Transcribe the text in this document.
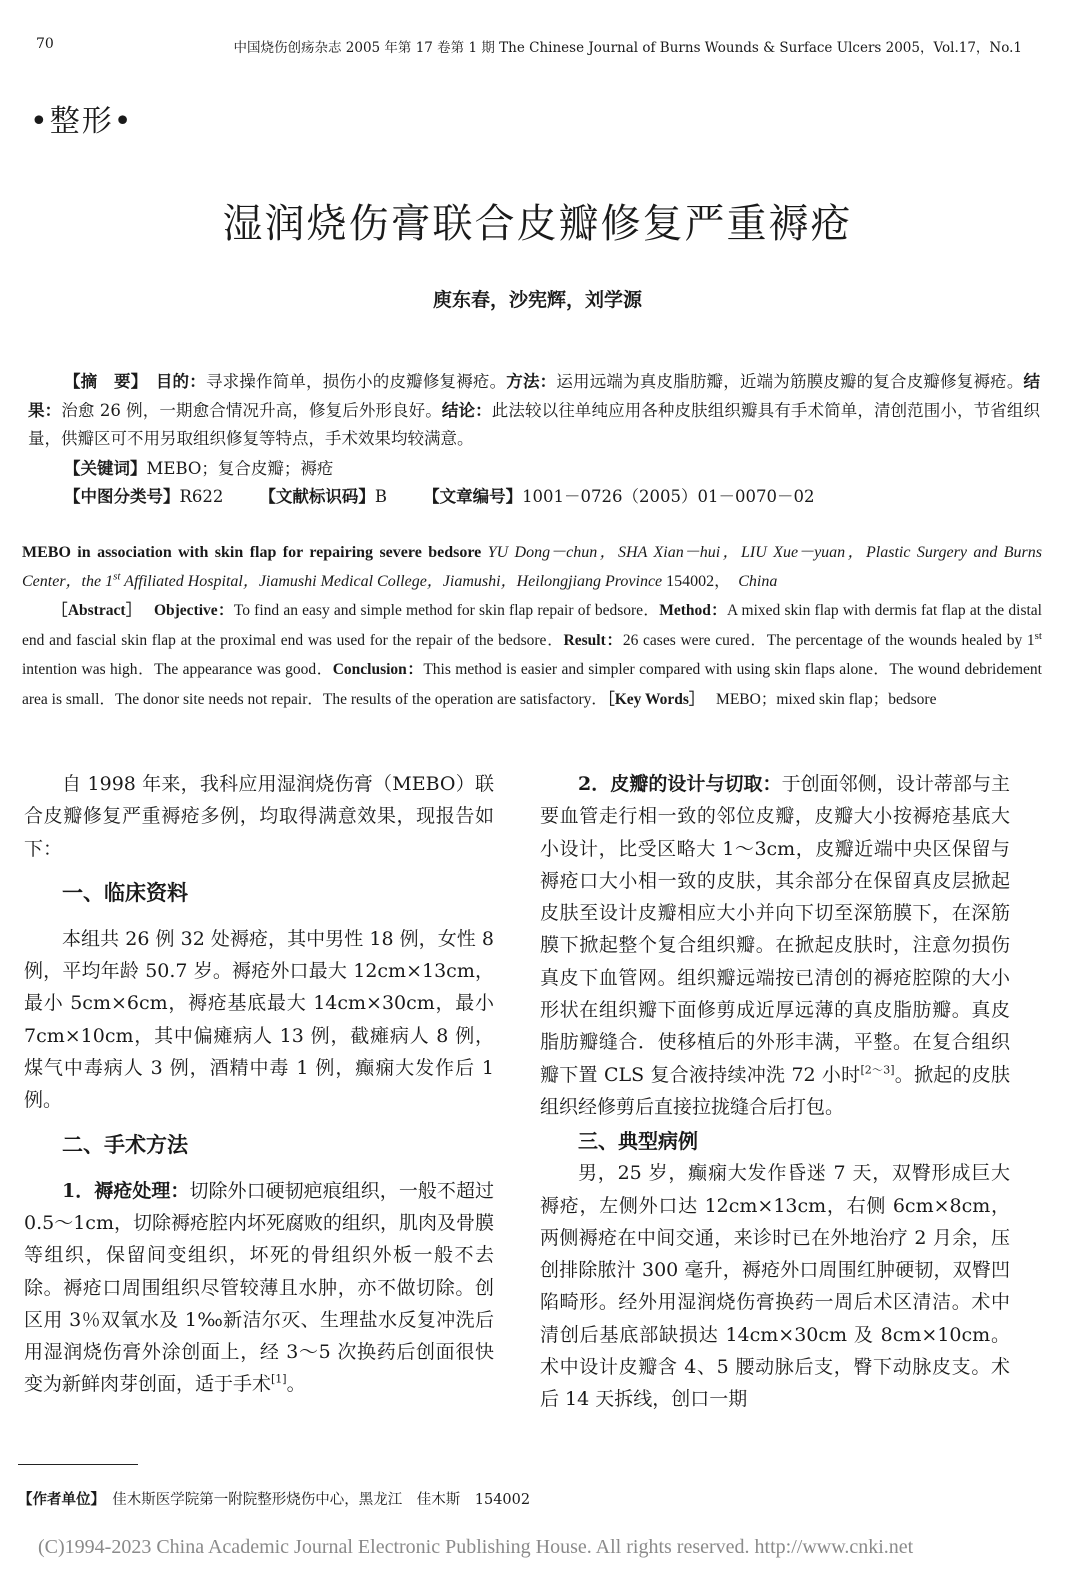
70	中国烧伤创疡杂志 2005 年第 17 卷第 1 期 The Chinese Journal of Burns Wounds & Surface Ulcers 2005，Vol.17，No.1
•整形•
湿润烧伤膏联合皮瓣修复严重褥疮
庾东春，沙宪辉，刘学源
【摘　要】　 目的：寻求操作简单，损伤小的皮瓣修复褥疮。方法：运用远端为真皮脂肪瓣，近端为筋膜皮瓣的复合皮瓣修复褥疮。结果：治愈 26 例，一期愈合情况升高，修复后外形良好。结论：此法较以往单纯应用各种皮肤组织瓣具有手术简单，清创范围小，节省组织量，供瓣区可不用另取组织修复等特点，手术效果均较满意。
【关键词】MEBO；复合皮瓣；褥疮
【中图分类号】R622 【文献标识码】B 【文章编号】1001－0726（2005）01－0070－02
MEBO in association with skin flap for repairing severe bedsore YU Dong－chun，SHA Xian－hui，LIU Xue－yuan，Plastic Surgery and Burns Center，the 1st Affiliated Hospital，Jiamushi Medical College，Jiamushi，Heilongjiang Province 154002，　 China
［Abstract］　 Objective：To find an easy and simple method for skin flap repair of bedsore．Method：A mixed skin flap with dermis fat flap at the distal end and fascial skin flap at the proximal end was used for the repair of the bedsore．Result：26 cases were cured．The percentage of the wounds healed by 1st intention was high．The appearance was good．Conclusion：This method is easier and simpler compared with using skin flaps alone．The wound debridement area is small．The donor site needs not repair．The results of the operation are satisfactory．［Key Words］　 MEBO；mixed skin flap；bedsore

自 1998 年来，我科应用湿润烧伤膏（MEBO）联合皮瓣修复严重褥疮多例，均取得满意效果，现报告如下：

一、临床资料

本组共 26 例 32 处褥疮，其中男性 18 例，女性 8 例，平均年龄 50.7 岁。褥疮外口最大 12cm×13cm，最小 5cm×6cm，褥疮基底最大 14cm×30cm，最小 7cm×10cm，其中偏瘫病人 13 例，截瘫病人 8 例，煤气中毒病人 3 例，酒精中毒 1 例，癫痫大发作后 1 例。

二、手术方法

1．褥疮处理：切除外口硬韧疤痕组织，一般不超过 0.5～1cm，切除褥疮腔内坏死腐败的组织，肌肉及骨膜等组织，保留间变组织，坏死的骨组织外板一般不去除。褥疮口周围组织尽管较薄且水肿，亦不做切除。创区用 3％双氧水及 1‰新洁尔灭、生理盐水反复冲洗后用湿润烧伤膏外涂创面上，经 3～5 次换药后创面很快变为新鲜肉芽创面，适于手术[1]。

2．皮瓣的设计与切取：于创面邻侧，设计蒂部与主要血管走行相一致的邻位皮瓣，皮瓣大小按褥疮基底大小设计，比受区略大 1～3cm，皮瓣近端中央区保留与褥疮口大小相一致的皮肤，其余部分在保留真皮层掀起皮肤至设计皮瓣相应大小并向下切至深筋膜下，在深筋膜下掀起整个复合组织瓣。在掀起皮肤时，注意勿损伤真皮下血管网。组织瓣远端按已清创的褥疮腔隙的大小形状在组织瓣下面修剪成近厚远薄的真皮脂肪瓣。真皮脂肪瓣缝合．使移植后的外形丰满，平整。在复合组织瓣下置 CLS 复合液持续冲洗 72 小时[2～3]。掀起的皮肤组织经修剪后直接拉拢缝合后打包。

三、典型病例

男，25 岁，癫痫大发作昏迷 7 天，双臀形成巨大褥疮，左侧外口达 12cm×13cm，右侧 6cm×8cm，两侧褥疮在中间交通，来诊时已在外地治疗 2 月余，压创排除脓汁 300 毫升，褥疮外口周围红肿硬韧，双臀凹陷畸形。经外用湿润烧伤膏换药一周后术区清洁。术中清创后基底部缺损达 14cm×30cm 及 8cm×10cm。术中设计皮瓣含 4、5 腰动脉后支，臀下动脉皮支。术后 14 天拆线，创口一期

【作者单位】　 佳木斯医学院第一附院整形烧伤中心，黑龙江　佳木斯　154002
(C)1994-2023 China Academic Journal Electronic Publishing House. All rights reserved. http://www.cnki.net
